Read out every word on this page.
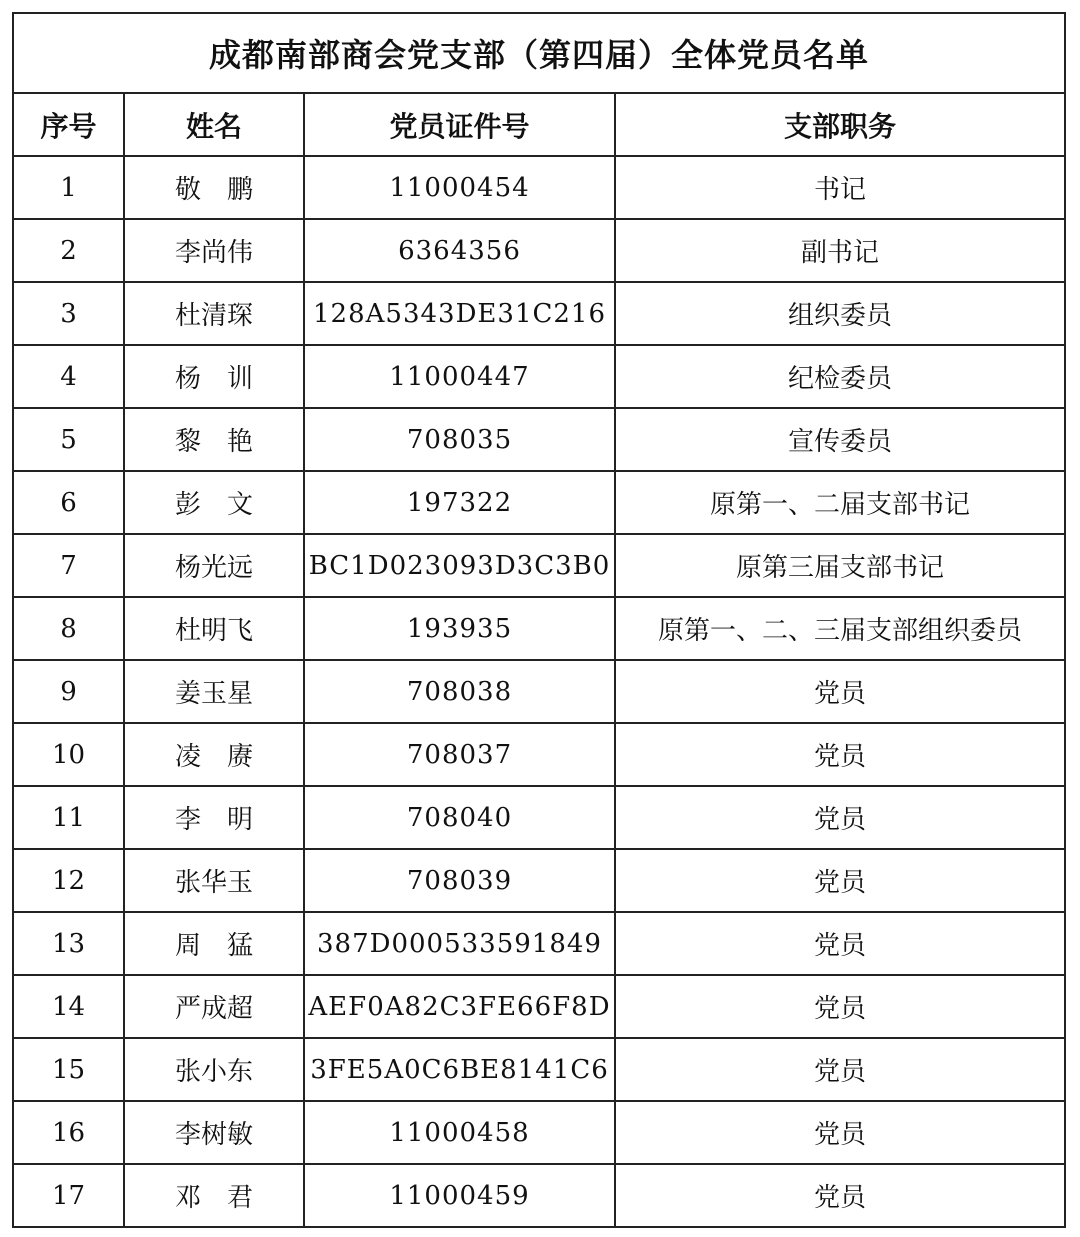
成都南部商会党支部（第四届）全体党员名单			
序号	姓名	党员证件号	支部职务
1	敬　鹏	11000454	书记
2	李尚伟	6364356	副书记
3	杜清琛	128A5343DE31C216	组织委员
4	杨　训	11000447	纪检委员
5	黎　艳	708035	宣传委员
6	彭　文	197322	原第一、二届支部书记
7	杨光远	BC1D023093D3C3B0	原第三届支部书记
8	杜明飞	193935	原第一、二、三届支部组织委员
9	姜玉星	708038	党员
10	凌　赓	708037	党员
11	李　明	708040	党员
12	张华玉	708039	党员
13	周　猛	387D000533591849	党员
14	严成超	AEF0A82C3FE66F8D	党员
15	张小东	3FE5A0C6BE8141C6	党员
16	李树敏	11000458	党员
17	邓　君	11000459	党员
